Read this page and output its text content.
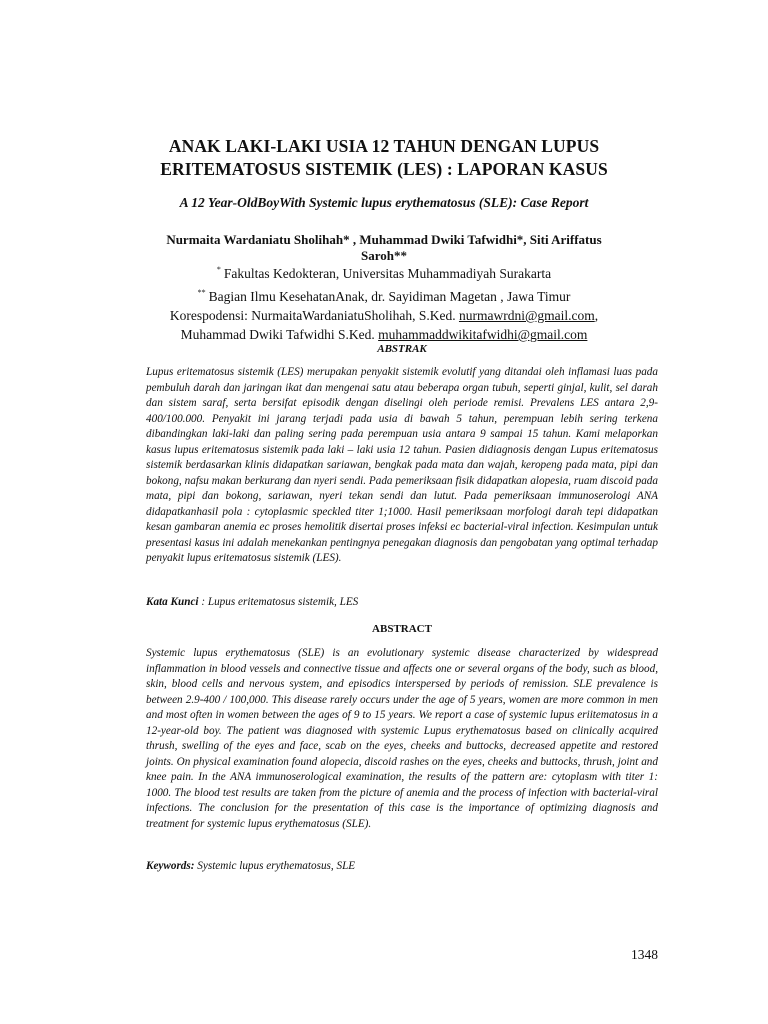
ANAK LAKI-LAKI USIA 12 TAHUN DENGAN LUPUS ERITEMATOSUS SISTEMIK (LES) : LAPORAN KASUS
A 12 Year-OldBoyWith Systemic lupus erythematosus (SLE): Case Report
Nurmaita Wardaniatu Sholihah* , Muhammad Dwiki Tafwidhi*, Siti Ariffatus Saroh**
* Fakultas Kedokteran, Universitas Muhammadiyah Surakarta
** Bagian Ilmu KesehatanAnak, dr. Sayidiman Magetan , Jawa Timur
Korespodensi: NurmaitaWardaniatuSholihah, S.Ked. nurmawrdni@gmail.com,
Muhammad Dwiki Tafwidhi S.Ked. muhammaddwikitafwidhi@gmail.com
ABSTRAK

Lupus eritematosus sistemik (LES) merupakan penyakit sistemik evolutif yang ditandai oleh inflamasi luas pada pembuluh darah dan jaringan ikat dan mengenai satu atau beberapa organ tubuh, seperti ginjal, kulit, sel darah dan sistem saraf, serta bersifat episodik dengan diselingi oleh periode remisi. Prevalens LES antara 2,9-400/100.000. Penyakit ini jarang terjadi pada usia di bawah 5 tahun, perempuan lebih sering terkena dibandingkan laki-laki dan paling sering pada perempuan usia antara 9 sampai 15 tahun. Kami melaporkan kasus lupus eritematosus sistemik pada laki – laki usia 12 tahun. Pasien didiagnosis dengan Lupus eritematosus sistemik berdasarkan klinis didapatkan sariawan, bengkak pada mata dan wajah, keropeng pada mata, pipi dan bokong, nafsu makan berkurang dan nyeri sendi. Pada pemeriksaan fisik didapatkan alopesia, ruam discoid pada mata, pipi dan bokong, sariawan, nyeri tekan sendi dan lutut. Pada pemeriksaan immunoserologi ANA didapatkanhasil pola : cytoplasmic speckled titer 1;1000. Hasil pemeriksaan morfologi darah tepi didapatkan kesan gambaran anemia ec proses hemolitik disertai proses infeksi ec bacterial-viral infection. Kesimpulan untuk presentasi kasus ini adalah menekankan pentingnya penegakan diagnosis dan pengobatan yang optimal terhadap penyakit lupus eritematosus sistemik (LES).

Kata Kunci : Lupus eritematosus sistemik, LES
ABSTRACT

Systemic lupus erythematosus (SLE) is an evolutionary systemic disease characterized by widespread inflammation in blood vessels and connective tissue and affects one or several organs of the body, such as blood, skin, blood cells and nervous system, and episodics interspersed by periods of remission. SLE prevalence is between 2.9-400 / 100,000. This disease rarely occurs under the age of 5 years, women are more common in men and most often in women between the ages of 9 to 15 years. We report a case of systemic lupus eriitematosus in a 12-year-old boy. The patient was diagnosed with systemic Lupus erythematosus based on clinically acquired thrush, swelling of the eyes and face, scab on the eyes, cheeks and buttocks, decreased appetite and restored joints. On physical examination found alopecia, discoid rashes on the eyes, cheeks and buttocks, thrush, joint and knee pain. In the ANA immunoserological examination, the results of the pattern are: cytoplasm with titer 1: 1000. The blood test results are taken from the picture of anemia and the process of infection with bacterial-viral infections. The conclusion for the presentation of this case is the importance of optimizing diagnosis and treatment for systemic lupus erythematosus (SLE).

Keywords: Systemic lupus erythematosus, SLE
1348
